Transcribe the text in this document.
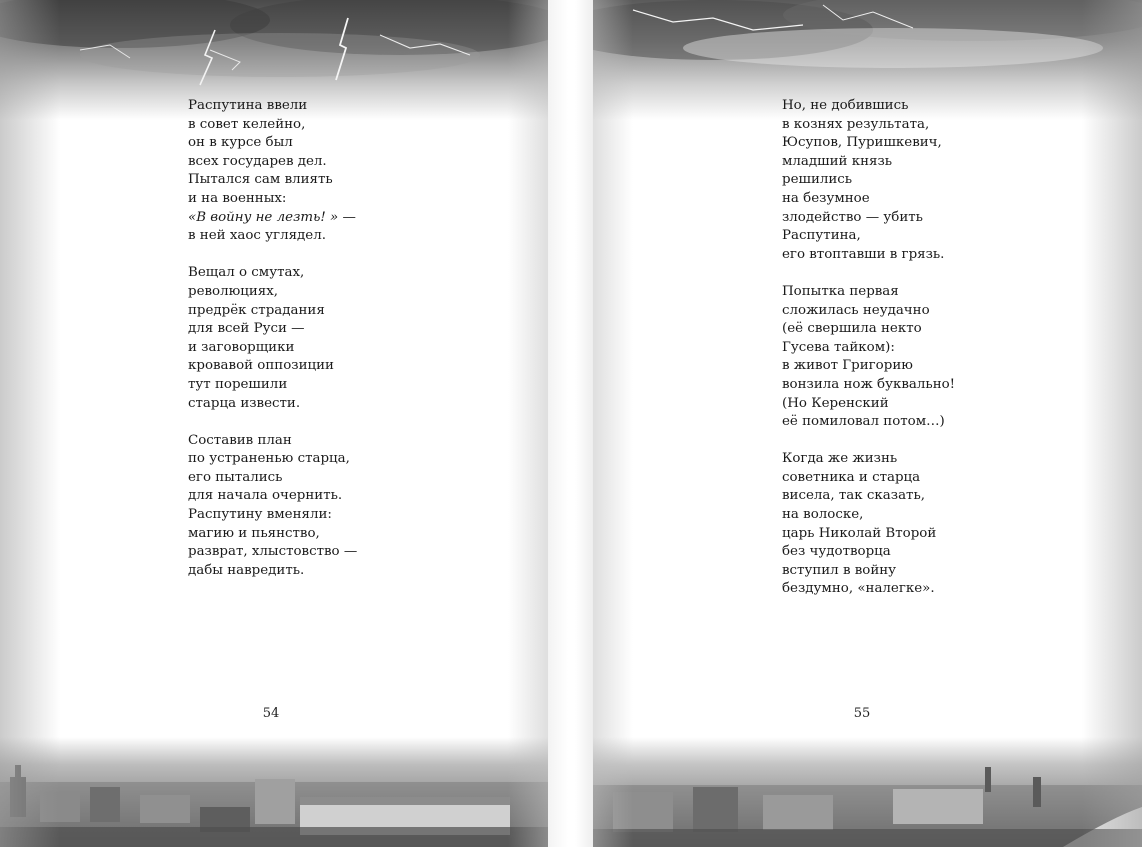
Распутина ввели
в совет келейно,
он в курсе был
всех государев дел.
Пытался сам влиять
и на военных:
«В войну не лезть! » —
в ней хаос углядел.
Вещал о смутах,
революциях,
предрёк страдания
для всей Руси —
и заговорщики
кровавой оппозиции
тут порешили
старца извести.
Составив план
по устраненью старца,
его пытались
для начала очернить.
Распутину вменяли:
магию и пьянство,
разврат, хлыстовство —
дабы навредить.
54
Но, не добившись
в кознях результата,
Юсупов, Пуришкевич,
младший князь
решились
на безумное
злодейство — убить
Распутина,
его втоптавши в грязь.
Попытка первая
сложилась неудачно
(её свершила некто
Гусева тайком):
в живот Григорию
вонзила нож буквально!
(Но Керенский
её помиловал потом…)
Когда же жизнь
советника и старца
висела, так сказать,
на волоске,
царь Николай Второй
без чудотворца
вступил в войну
бездумно, «налегке».
55
